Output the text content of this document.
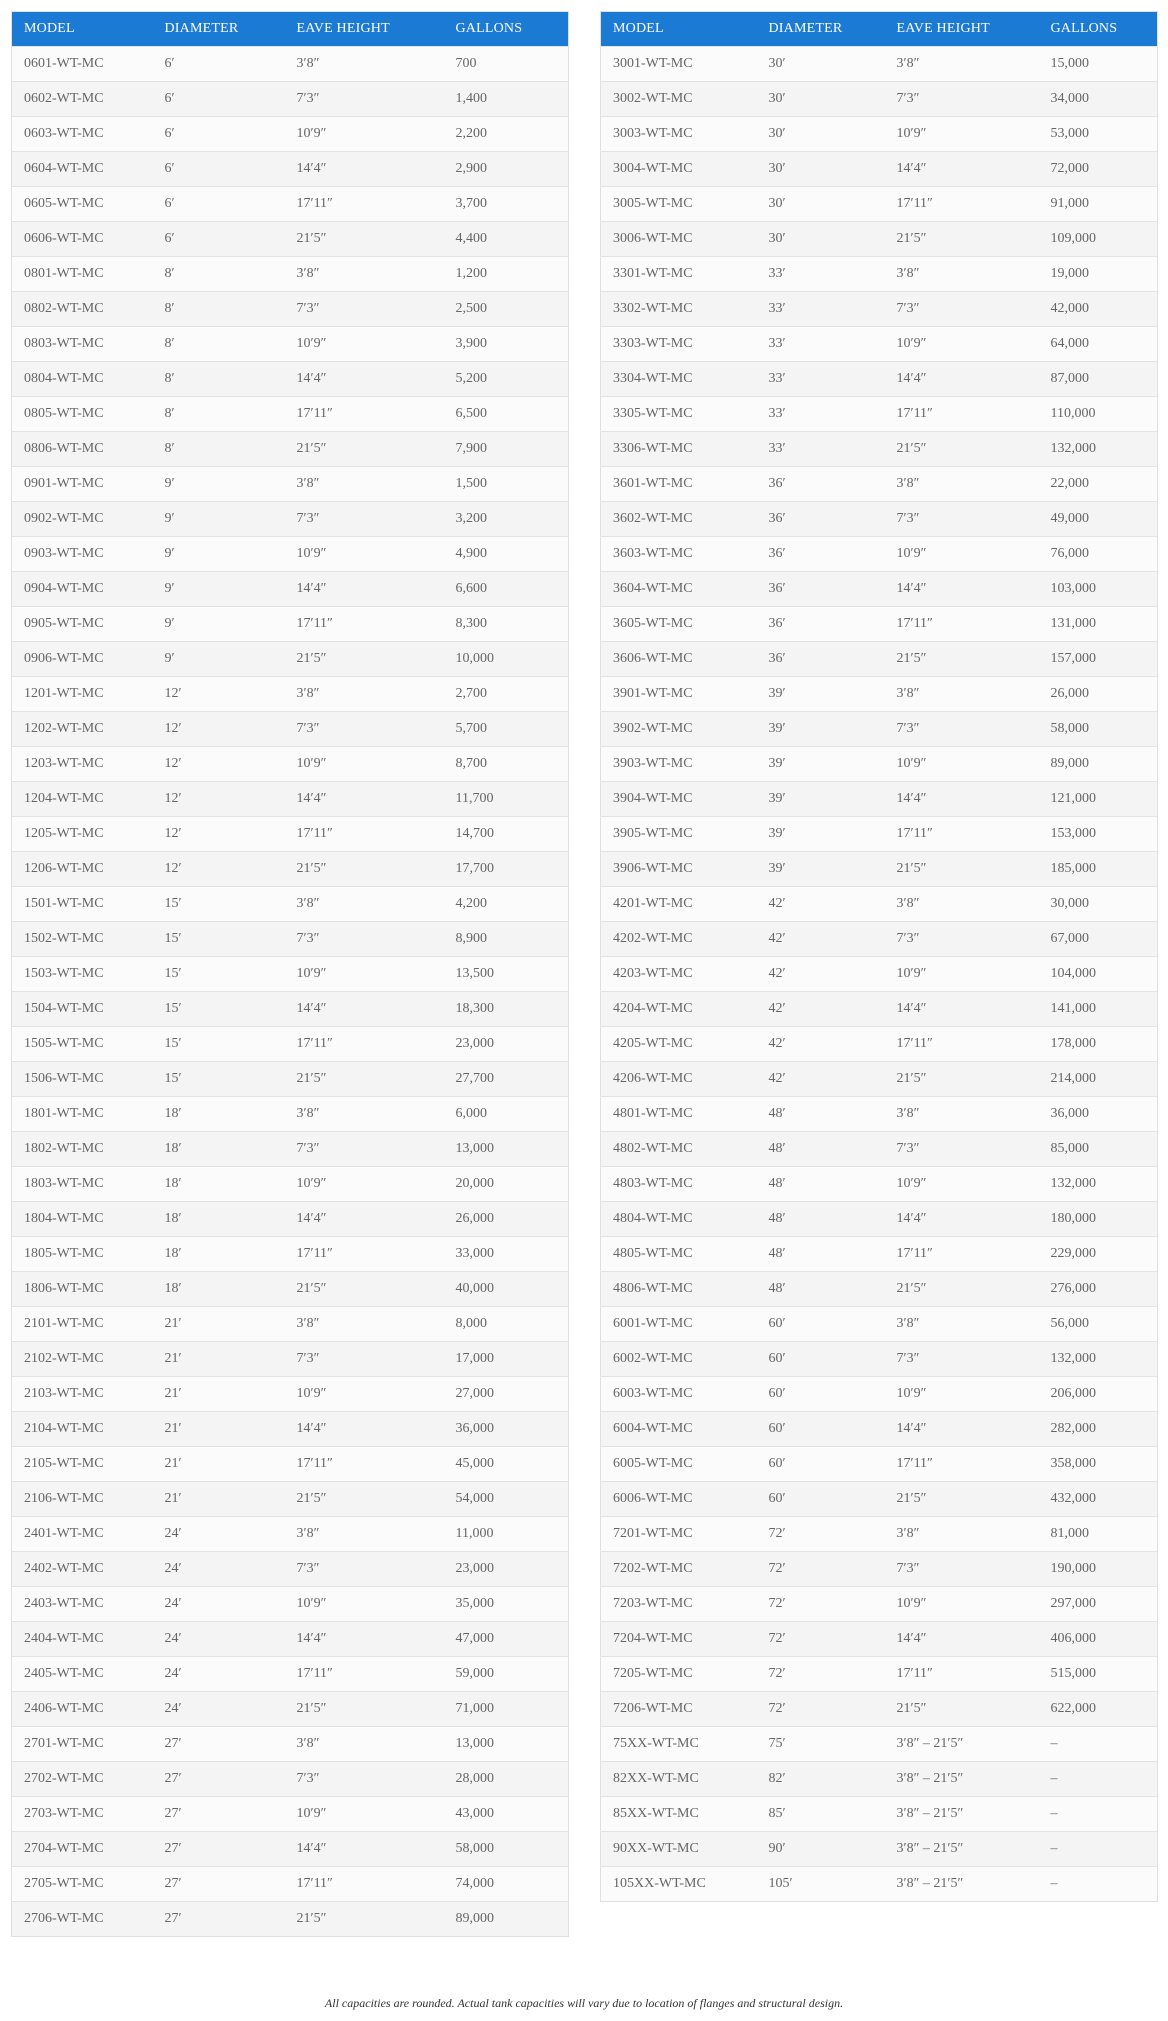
MODEL	DIAMETER	EAVE HEIGHT	GALLONS
0601-WT-MC	6′	3′8″	700
0602-WT-MC	6′	7′3″	1,400
0603-WT-MC	6′	10′9″	2,200
0604-WT-MC	6′	14′4″	2,900
0605-WT-MC	6′	17′11″	3,700
0606-WT-MC	6′	21′5″	4,400
0801-WT-MC	8′	3′8″	1,200
0802-WT-MC	8′	7′3″	2,500
0803-WT-MC	8′	10′9″	3,900
0804-WT-MC	8′	14′4″	5,200
0805-WT-MC	8′	17′11″	6,500
0806-WT-MC	8′	21′5″	7,900
0901-WT-MC	9′	3′8″	1,500
0902-WT-MC	9′	7′3″	3,200
0903-WT-MC	9′	10′9″	4,900
0904-WT-MC	9′	14′4″	6,600
0905-WT-MC	9′	17′11″	8,300
0906-WT-MC	9′	21′5″	10,000
1201-WT-MC	12′	3′8″	2,700
1202-WT-MC	12′	7′3″	5,700
1203-WT-MC	12′	10′9″	8,700
1204-WT-MC	12′	14′4″	11,700
1205-WT-MC	12′	17′11″	14,700
1206-WT-MC	12′	21′5″	17,700
1501-WT-MC	15′	3′8″	4,200
1502-WT-MC	15′	7′3″	8,900
1503-WT-MC	15′	10′9″	13,500
1504-WT-MC	15′	14′4″	18,300
1505-WT-MC	15′	17′11″	23,000
1506-WT-MC	15′	21′5″	27,700
1801-WT-MC	18′	3′8″	6,000
1802-WT-MC	18′	7′3″	13,000
1803-WT-MC	18′	10′9″	20,000
1804-WT-MC	18′	14′4″	26,000
1805-WT-MC	18′	17′11″	33,000
1806-WT-MC	18′	21′5″	40,000
2101-WT-MC	21′	3′8″	8,000
2102-WT-MC	21′	7′3″	17,000
2103-WT-MC	21′	10′9″	27,000
2104-WT-MC	21′	14′4″	36,000
2105-WT-MC	21′	17′11″	45,000
2106-WT-MC	21′	21′5″	54,000
2401-WT-MC	24′	3′8″	11,000
2402-WT-MC	24′	7′3″	23,000
2403-WT-MC	24′	10′9″	35,000
2404-WT-MC	24′	14′4″	47,000
2405-WT-MC	24′	17′11″	59,000
2406-WT-MC	24′	21′5″	71,000
2701-WT-MC	27′	3′8″	13,000
2702-WT-MC	27′	7′3″	28,000
2703-WT-MC	27′	10′9″	43,000
2704-WT-MC	27′	14′4″	58,000
2705-WT-MC	27′	17′11″	74,000
2706-WT-MC	27′	21′5″	89,000
MODEL	DIAMETER	EAVE HEIGHT	GALLONS
3001-WT-MC	30′	3′8″	15,000
3002-WT-MC	30′	7′3″	34,000
3003-WT-MC	30′	10′9″	53,000
3004-WT-MC	30′	14′4″	72,000
3005-WT-MC	30′	17′11″	91,000
3006-WT-MC	30′	21′5″	109,000
3301-WT-MC	33′	3′8″	19,000
3302-WT-MC	33′	7′3″	42,000
3303-WT-MC	33′	10′9″	64,000
3304-WT-MC	33′	14′4″	87,000
3305-WT-MC	33′	17′11″	110,000
3306-WT-MC	33′	21′5″	132,000
3601-WT-MC	36′	3′8″	22,000
3602-WT-MC	36′	7′3″	49,000
3603-WT-MC	36′	10′9″	76,000
3604-WT-MC	36′	14′4″	103,000
3605-WT-MC	36′	17′11″	131,000
3606-WT-MC	36′	21′5″	157,000
3901-WT-MC	39′	3′8″	26,000
3902-WT-MC	39′	7′3″	58,000
3903-WT-MC	39′	10′9″	89,000
3904-WT-MC	39′	14′4″	121,000
3905-WT-MC	39′	17′11″	153,000
3906-WT-MC	39′	21′5″	185,000
4201-WT-MC	42′	3′8″	30,000
4202-WT-MC	42′	7′3″	67,000
4203-WT-MC	42′	10′9″	104,000
4204-WT-MC	42′	14′4″	141,000
4205-WT-MC	42′	17′11″	178,000
4206-WT-MC	42′	21′5″	214,000
4801-WT-MC	48′	3′8″	36,000
4802-WT-MC	48′	7′3″	85,000
4803-WT-MC	48′	10′9″	132,000
4804-WT-MC	48′	14′4″	180,000
4805-WT-MC	48′	17′11″	229,000
4806-WT-MC	48′	21′5″	276,000
6001-WT-MC	60′	3′8″	56,000
6002-WT-MC	60′	7′3″	132,000
6003-WT-MC	60′	10′9″	206,000
6004-WT-MC	60′	14′4″	282,000
6005-WT-MC	60′	17′11″	358,000
6006-WT-MC	60′	21′5″	432,000
7201-WT-MC	72′	3′8″	81,000
7202-WT-MC	72′	7′3″	190,000
7203-WT-MC	72′	10′9″	297,000
7204-WT-MC	72′	14′4″	406,000
7205-WT-MC	72′	17′11″	515,000
7206-WT-MC	72′	21′5″	622,000
75XX-WT-MC	75′	3′8″ – 21′5″	–
82XX-WT-MC	82′	3′8″ – 21′5″	–
85XX-WT-MC	85′	3′8″ – 21′5″	–
90XX-WT-MC	90′	3′8″ – 21′5″	–
105XX-WT-MC	105′	3′8″ – 21′5″	–
All capacities are rounded. Actual tank capacities will vary due to location of flanges and structural design.
